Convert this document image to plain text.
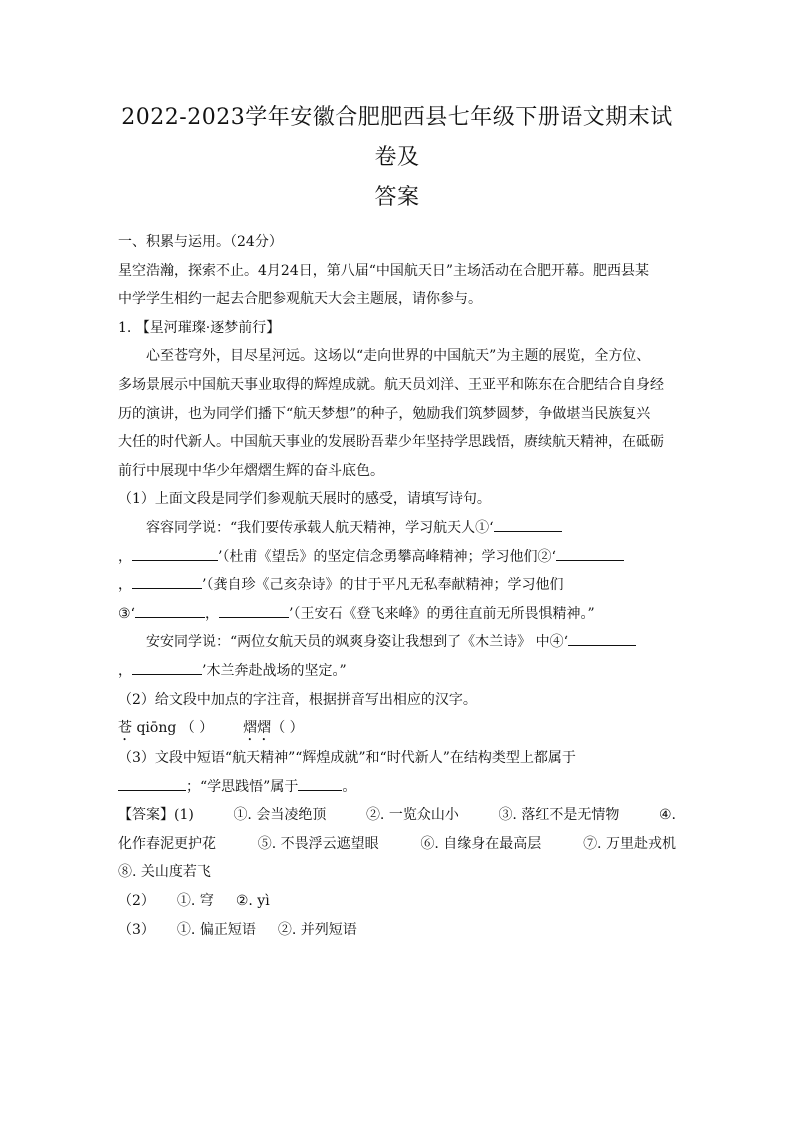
2022-2023学年安徽合肥肥西县七年级下册语文期末试卷及
答案

一、积累与运用。（24分）

星空浩瀚，探索不止。4月24日，第八届“中国航天日”主场活动在合肥开幕。肥西县某

中学学生相约一起去合肥参观航天大会主题展，请你参与。

1. 【星河璀璨·逐梦前行】

心至苍穹外，目尽星河远。这场以“走向世界的中国航天”为主题的展览，全方位、

多场景展示中国航天事业取得的辉煌成就。航天员刘洋、王亚平和陈东在合肥结合自身经

历的演讲，也为同学们播下“航天梦想”的种子，勉励我们筑梦圆梦，争做堪当民族复兴

大任的时代新人。中国航天事业的发展盼吾辈少年坚持学思践悟，赓续航天精神，在砥砺

前行中展现中华少年熠熠生辉的奋斗底色。

（1）上面文段是同学们参观航天展时的感受，请填写诗句。

容容同学说：“我们要传承载人航天精神，学习航天人①‘

，	’（杜甫《望岳》的坚定信念勇攀高峰精神；学习他们②‘

，	’（龚自珍《己亥杂诗》的甘于平凡无私奉献精神；学习他们

③‘	，	’（王安石《登飞来峰》的勇往直前无所畏惧精神。”

安安同学说：“两位女航天员的飒爽身姿让我想到了《木兰诗》 中④‘

，	’木兰奔赴战场的坚定。”

（2）给文段中加点的字注音，根据拼音写出相应的汉字。

苍 qiōng （ ） 熠熠（ ）

（3）文段中短语“航天精神”“辉煌成就”和“时代新人”在结构类型上都属于

；“学思践悟”属于	。

【答案】(1)	①. 会当凌绝顶	②. 一览众山小	③. 落红不是无情物	④.

化作春泥更护花	⑤. 不畏浮云遮望眼	⑥. 自缘身在最高层	⑦. 万里赴戎机

⑧. 关山度若飞

（2） ①. 穹 ②. yì

（3） ①. 偏正短语 ②. 并列短语
